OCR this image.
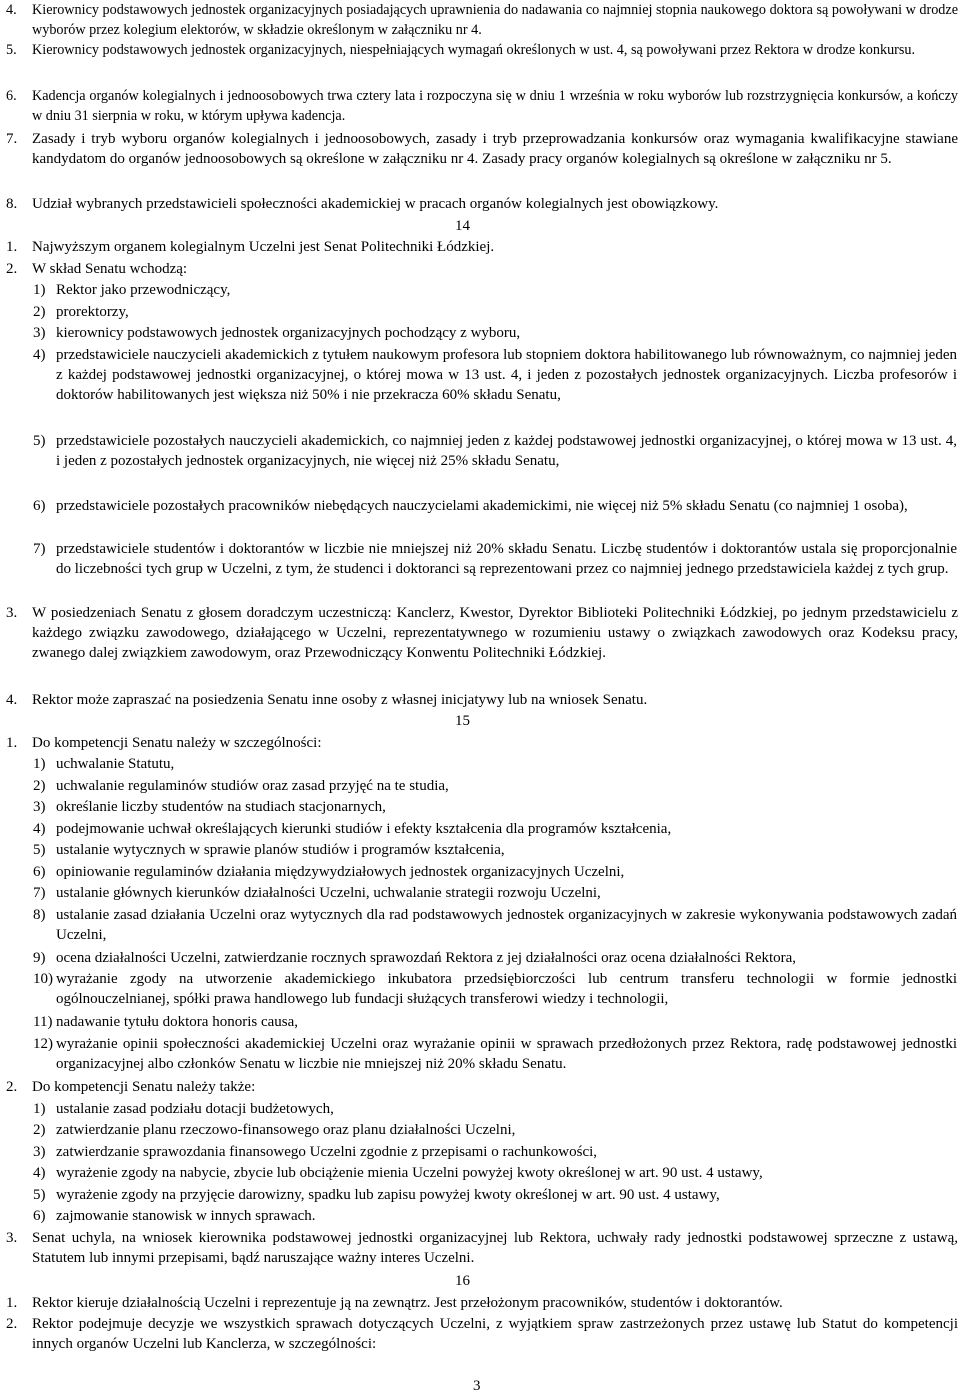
4.	Kierownicy podstawowych jednostek organizacyjnych posiadających uprawnienia do nadawania co najmniej stopnia naukowego doktora są powoływani w drodze wyborów przez kolegium elektorów, w składzie określonym w załączniku nr 4.
5.	Kierownicy podstawowych jednostek organizacyjnych, niespełniających wymagań określonych w ust. 4, są powoływani przez Rektora w drodze konkursu.
6.	Kadencja organów kolegialnych i jednoosobowych trwa cztery lata i rozpoczyna się w dniu 1 września w roku wyborów lub rozstrzygnięcia konkursów, a kończy w dniu 31 sierpnia w roku, w którym upływa kadencja.
7. Zasady i tryb wyboru organów kolegialnych i jednoosobowych, zasady i tryb przeprowadzania konkursów oraz wymagania kwalifikacyjne stawiane kandydatom do organów jednoosobowych są określone w załączniku nr 4. Zasady pracy organów kolegialnych są określone w załączniku nr 5.
8. Udział wybranych przedstawicieli społeczności akademickiej w pracach organów kolegialnych jest obowiązkowy.
14
1. Najwyższym organem kolegialnym Uczelni jest Senat Politechniki Łódzkiej.
2. W skład Senatu wchodzą:
1) Rektor jako przewodniczący,
2) prorektorzy,
3) kierownicy podstawowych jednostek organizacyjnych pochodzący z wyboru,
4) przedstawiciele nauczycieli akademickich z tytułem naukowym profesora lub stopniem doktora habilitowanego lub równoważnym, co najmniej jeden z każdej podstawowej jednostki organizacyjnej, o której mowa w 13 ust. 4, i jeden z pozostałych jednostek organizacyjnych. Liczba profesorów i doktorów habilitowanych jest większa niż 50% i nie przekracza 60% składu Senatu,
5) przedstawiciele pozostałych nauczycieli akademickich, co najmniej jeden z każdej podstawowej jednostki organizacyjnej, o której mowa w 13 ust. 4, i jeden z pozostałych jednostek organizacyjnych, nie więcej niż 25% składu Senatu,
6) przedstawiciele pozostałych pracowników niebędących nauczycielami akademickimi, nie więcej niż 5% składu Senatu (co najmniej 1 osoba),
7) przedstawiciele studentów i doktorantów w liczbie nie mniejszej niż 20% składu Senatu. Liczbę studentów i doktorantów ustala się proporcjonalnie do liczebności tych grup w Uczelni, z tym, że studenci i doktoranci są reprezentowani przez co najmniej jednego przedstawiciela każdej z tych grup.
3. W posiedzeniach Senatu z głosem doradczym uczestniczą: Kanclerz, Kwestor, Dyrektor Biblioteki Politechniki Łódzkiej, po jednym przedstawicielu z każdego związku zawodowego, działającego w Uczelni, reprezentatywnego w rozumieniu ustawy o związkach zawodowych oraz Kodeksu pracy, zwanego dalej związkiem zawodowym, oraz Przewodniczący Konwentu Politechniki Łódzkiej.
4. Rektor może zapraszać na posiedzenia Senatu inne osoby z własnej inicjatywy lub na wniosek Senatu.
15
1. Do kompetencji Senatu należy w szczególności:
1) uchwalanie Statutu,
2) uchwalanie regulaminów studiów oraz zasad przyjęć na te studia,
3) określanie liczby studentów na studiach stacjonarnych,
4) podejmowanie uchwał określających kierunki studiów i efekty kształcenia dla programów kształcenia,
5) ustalanie wytycznych w sprawie planów studiów i programów kształcenia,
6) opiniowanie regulaminów działania międzywydziałowych jednostek organizacyjnych Uczelni,
7) ustalanie głównych kierunków działalności Uczelni, uchwalanie strategii rozwoju Uczelni,
8) ustalanie zasad działania Uczelni oraz wytycznych dla rad podstawowych jednostek organizacyjnych w zakresie wykonywania podstawowych zadań Uczelni,
9) ocena działalności Uczelni, zatwierdzanie rocznych sprawozdań Rektora z jej działalności oraz ocena działalności Rektora,
10) wyrażanie zgody na utworzenie akademickiego inkubatora przedsiębiorczości lub centrum transferu technologii w formie jednostki ogólnouczelnianej, spółki prawa handlowego lub fundacji służących transferowi wiedzy i technologii,
11) nadawanie tytułu doktora honoris causa,
12) wyrażanie opinii społeczności akademickiej Uczelni oraz wyrażanie opinii w sprawach przedłożonych przez Rektora, radę podstawowej jednostki organizacyjnej albo członków Senatu w liczbie nie mniejszej niż 20% składu Senatu.
2. Do kompetencji Senatu należy także:
1) ustalanie zasad podziału dotacji budżetowych,
2) zatwierdzanie planu rzeczowo-finansowego oraz planu działalności Uczelni,
3) zatwierdzanie sprawozdania finansowego Uczelni zgodnie z przepisami o rachunkowości,
4) wyrażenie zgody na nabycie, zbycie lub obciążenie mienia Uczelni powyżej kwoty określonej w art. 90 ust. 4 ustawy,
5) wyrażenie zgody na przyjęcie darowizny, spadku lub zapisu powyżej kwoty określonej w art. 90 ust. 4 ustawy,
6) zajmowanie stanowisk w innych sprawach.
3. Senat uchyla, na wniosek kierownika podstawowej jednostki organizacyjnej lub Rektora, uchwały rady jednostki podstawowej sprzeczne z ustawą, Statutem lub innymi przepisami, bądź naruszające ważny interes Uczelni.
16
1. Rektor kieruje działalnością Uczelni i reprezentuje ją na zewnątrz. Jest przełożonym pracowników, studentów i doktorantów.
2. Rektor podejmuje decyzje we wszystkich sprawach dotyczących Uczelni, z wyjątkiem spraw zastrzeżonych przez ustawę lub Statut do kompetencji innych organów Uczelni lub Kanclerza, w szczególności:
3
